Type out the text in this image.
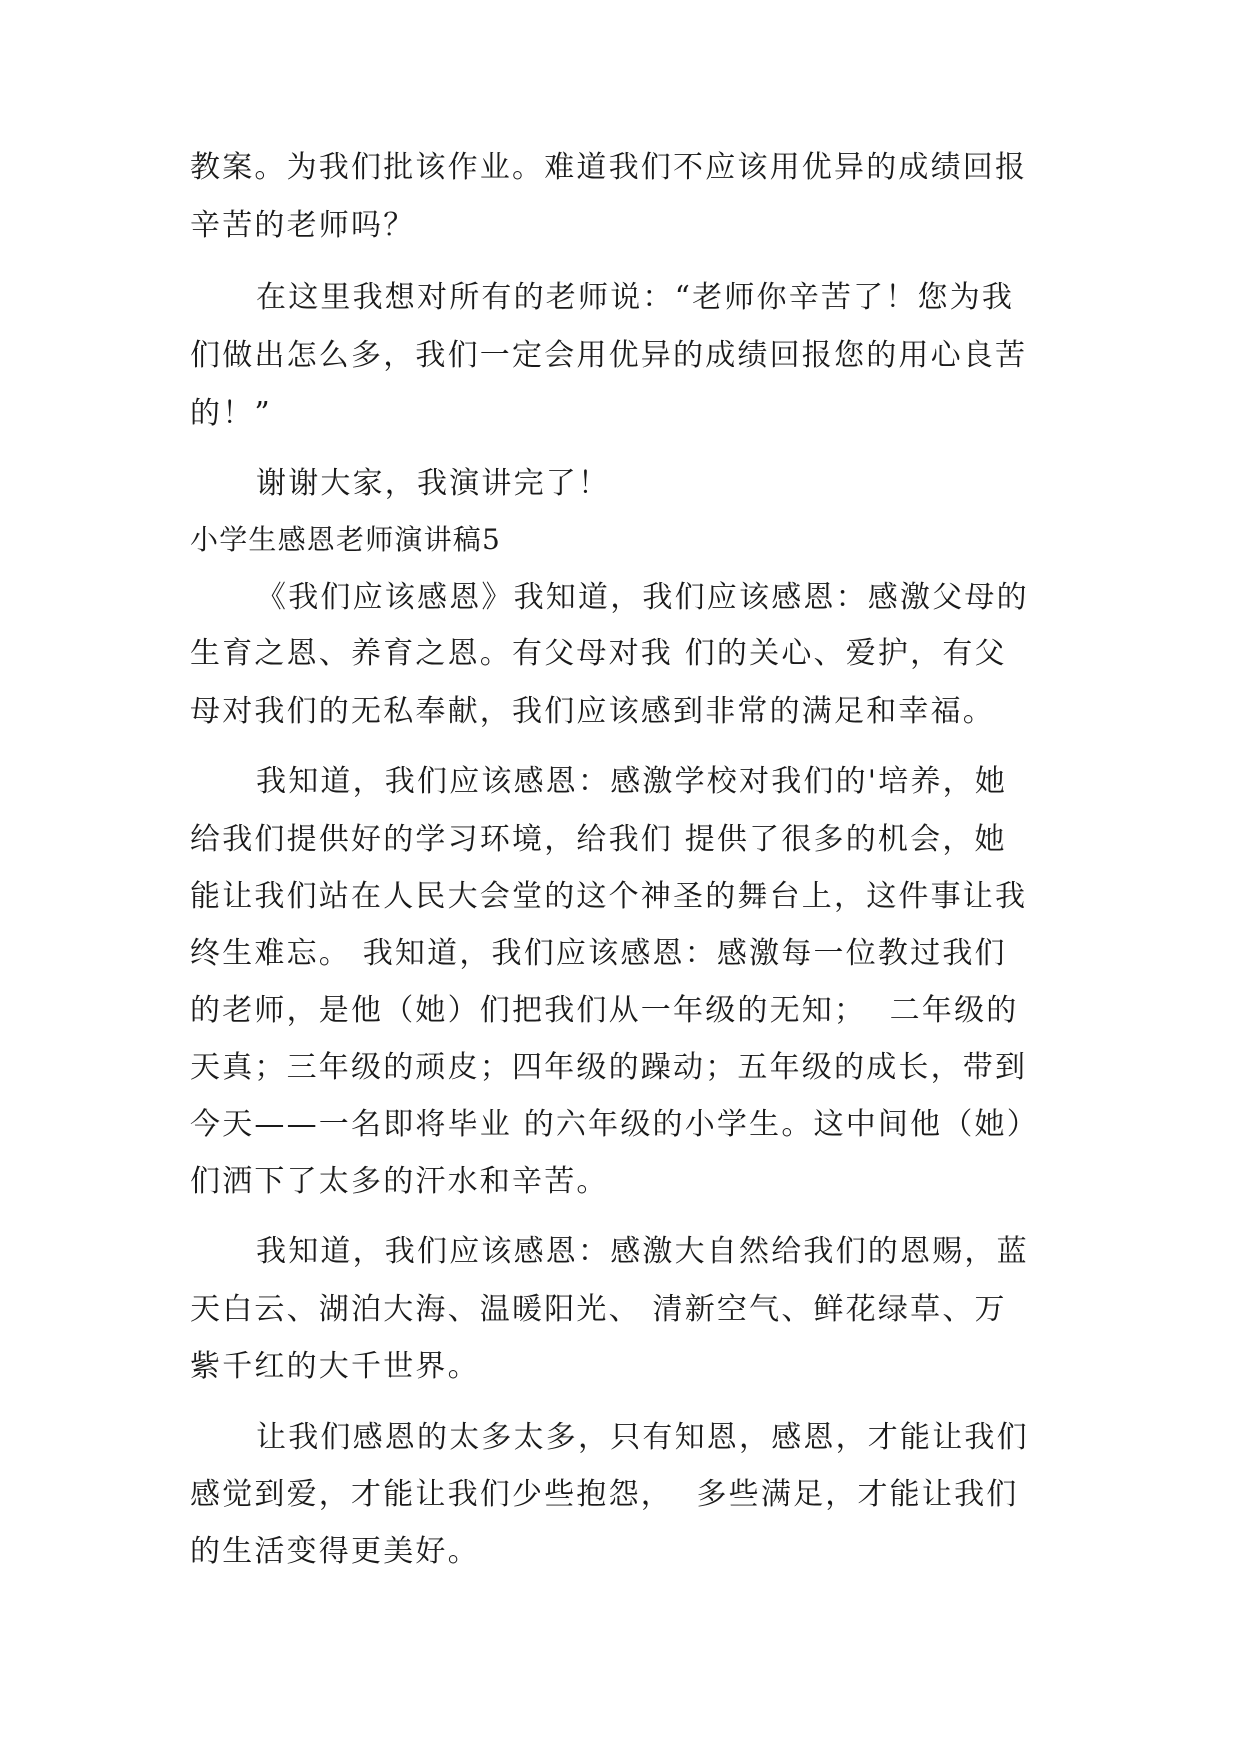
教案。为我们批该作业。难道我们不应该用优异的成绩回报
辛苦的老师吗？
在这里我想对所有的老师说：“老师你辛苦了！您为我
们做出怎么多，我们一定会用优异的成绩回报您的用心良苦
的！”
谢谢大家，我演讲完了！
小学生感恩老师演讲稿5
《我们应该感恩》我知道，我们应该感恩：感激父母的
生育之恩、养育之恩。有父母对我 们的关心、爱护，有父
母对我们的无私奉献，我们应该感到非常的满足和幸福。
我知道，我们应该感恩：感激学校对我们的'培养，她
给我们提供好的学习环境，给我们 提供了很多的机会，她
能让我们站在人民大会堂的这个神圣的舞台上，这件事让我
终生难忘。 我知道，我们应该感恩：感激每一位教过我们
的老师，是他（她）们把我们从一年级的无知；  二年级的
天真；三年级的顽皮；四年级的躁动；五年级的成长，带到
今天——一名即将毕业 的六年级的小学生。这中间他（她）
们洒下了太多的汗水和辛苦。
我知道，我们应该感恩：感激大自然给我们的恩赐，蓝
天白云、湖泊大海、温暖阳光、 清新空气、鲜花绿草、万
紫千红的大千世界。
让我们感恩的太多太多，只有知恩，感恩，才能让我们
感觉到爱，才能让我们少些抱怨，  多些满足，才能让我们
的生活变得更美好。
